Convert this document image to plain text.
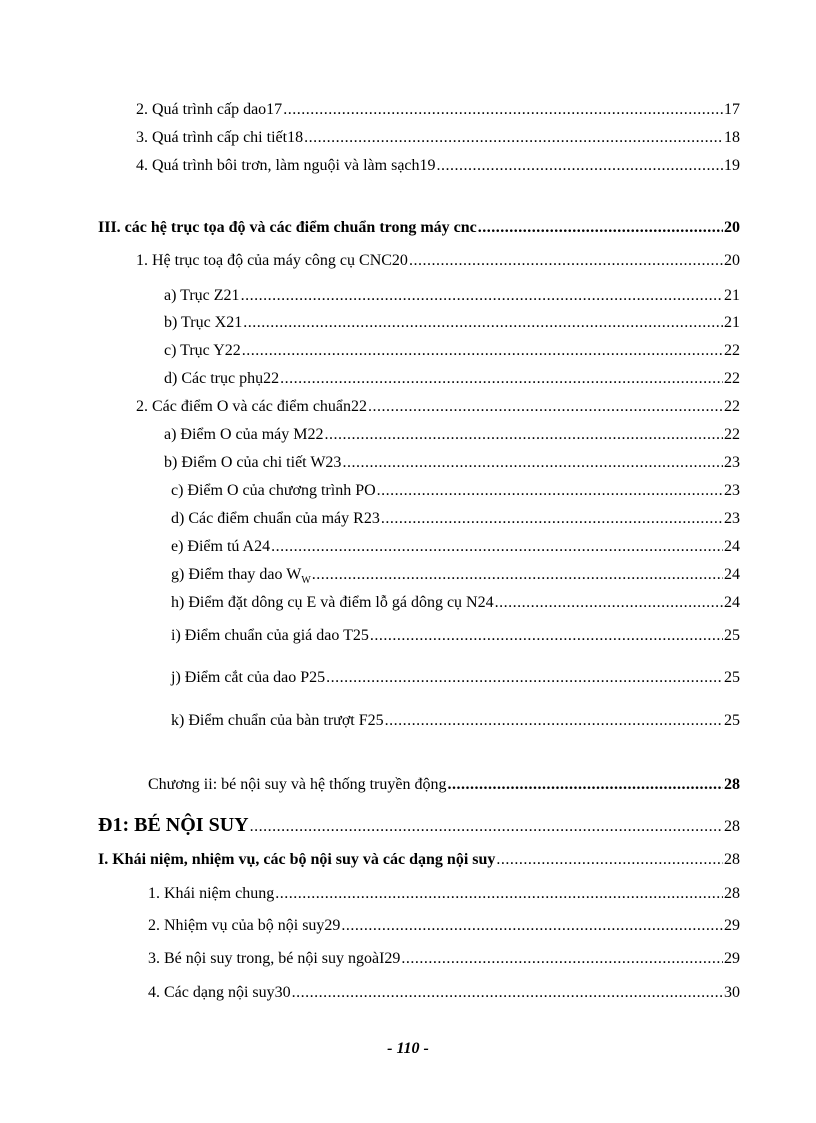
2. Quá trình cấp dao17 .....	17
3. Quá trình cấp chi tiết18 .....	18
4. Quá trình bôi trơn, làm nguội và làm sạch19 .....	19
III. các hệ trục tọa độ và các điểm chuẩn trong máy cnc .....	20
1. Hệ trục toạ độ của máy công cụ CNC20 .....	20
a) Trục Z21 .....	21
b) Trục X21 .....	21
c) Trục Y22 .....	22
d) Các trục phụ22 .....	22
2. Các điểm O và các điểm chuẩn22 .....	22
a) Điểm O của máy M22 .....	22
b) Điểm O của chi tiết W23 .....	23
c) Điểm O của chương trình PO .....	23
d) Các điểm chuẩn của máy R23 .....	23
e) Điểm tú A24 .....	24
g) Điểm thay dao $W_W$ .....	24
h) Điểm đặt dông cụ E và điểm lỗ gá dông cụ N24 .....	24
i) Điểm chuẩn của giá dao T25 .....	25
j) Điểm cắt của dao P25 .....	25
k) Điểm chuẩn của bàn trượt F25 .....	25
Chương ii: bé nội suy và hệ thống truyền động .....	28
Đ1: BÉ NỘI SUY .....	28
I. Khái niệm, nhiệm vụ, các bộ nội suy và các dạng nội suy .....	28
1. Khái niệm chung .....	28
2. Nhiệm vụ của bộ nội suy29 .....	29
3. Bé nội suy trong, bé nội suy ngoàI29 .....	29
4. Các dạng nội suy30 .....	30
- 110 -
